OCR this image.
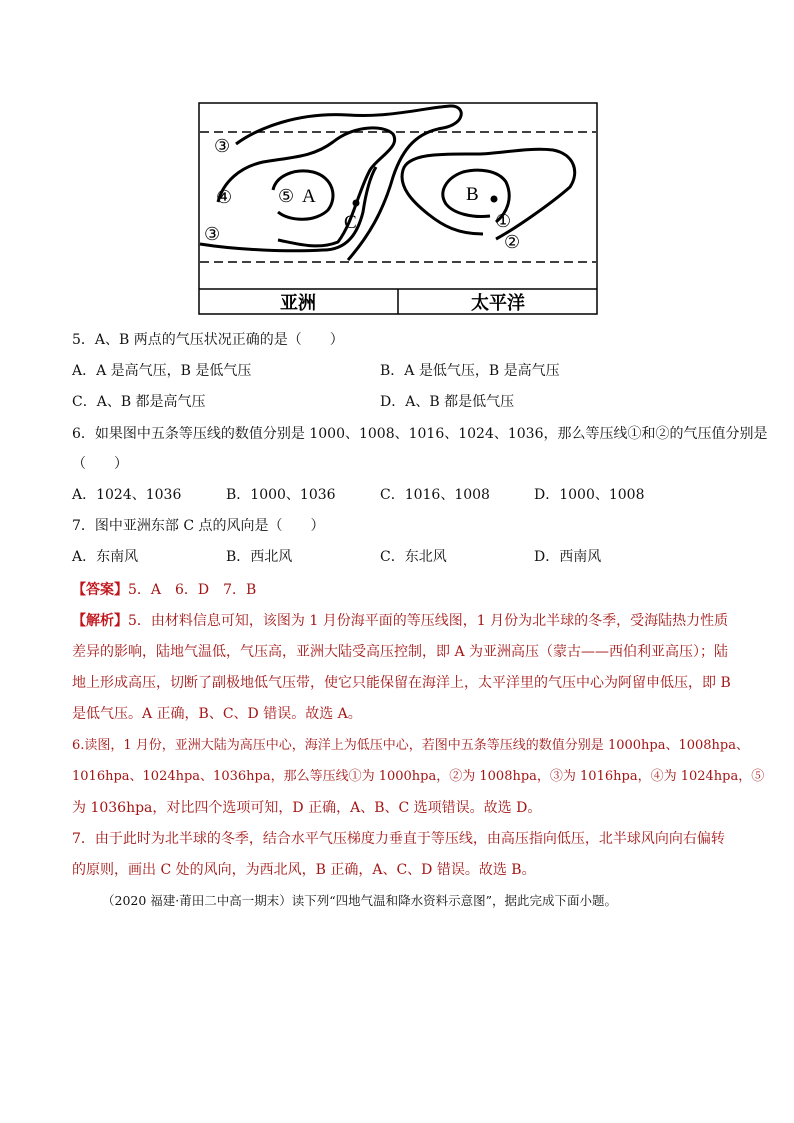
A	B
C	①
②
③
④	⑤
③
亚洲	太平洋
5．A、B 两点的气压状况正确的是（　　）
A．A 是高气压，B 是低气压	B．A 是低气压，B 是高气压
C．A、B 都是高气压	D．A、B 都是低气压
6．如果图中五条等压线的数值分别是 1000、1008、1016、1024、1036，那么等压线①和②的气压值分别是
（　　）
A．1024、1036	B．1000、1036	C．1016、1008	D．1000、1008
7．图中亚洲东部 C 点的风向是（　　）
A．东南风	B．西北风	C．东北风	D．西南风
【答案】5．A　6．D　7．B
【解析】5．由材料信息可知，该图为 1 月份海平面的等压线图，1 月份为北半球的冬季，受海陆热力性质
差异的影响，陆地气温低，气压高，亚洲大陆受高压控制，即 A 为亚洲高压（蒙古——西伯利亚高压）；陆
地上形成高压，切断了副极地低气压带，使它只能保留在海洋上，太平洋里的气压中心为阿留申低压，即 B
是低气压。A 正确，B、C、D 错误。故选 A。
6.读图，1 月份，亚洲大陆为高压中心，海洋上为低压中心，若图中五条等压线的数值分别是 1000hpa、1008hpa、
1016hpa、1024hpa、1036hpa，那么等压线①为 1000hpa，②为 1008hpa，③为 1016hpa，④为 1024hpa，⑤
为 1036hpa，对比四个选项可知，D 正确，A、B、C 选项错误。故选 D。
7．由于此时为北半球的冬季，结合水平气压梯度力垂直于等压线，由高压指向低压，北半球风向向右偏转
的原则，画出 C 处的风向，为西北风，B 正确，A、C、D 错误。故选 B。
（2020 福建·莆田二中高一期末）读下列“四地气温和降水资料示意图”，据此完成下面小题。
